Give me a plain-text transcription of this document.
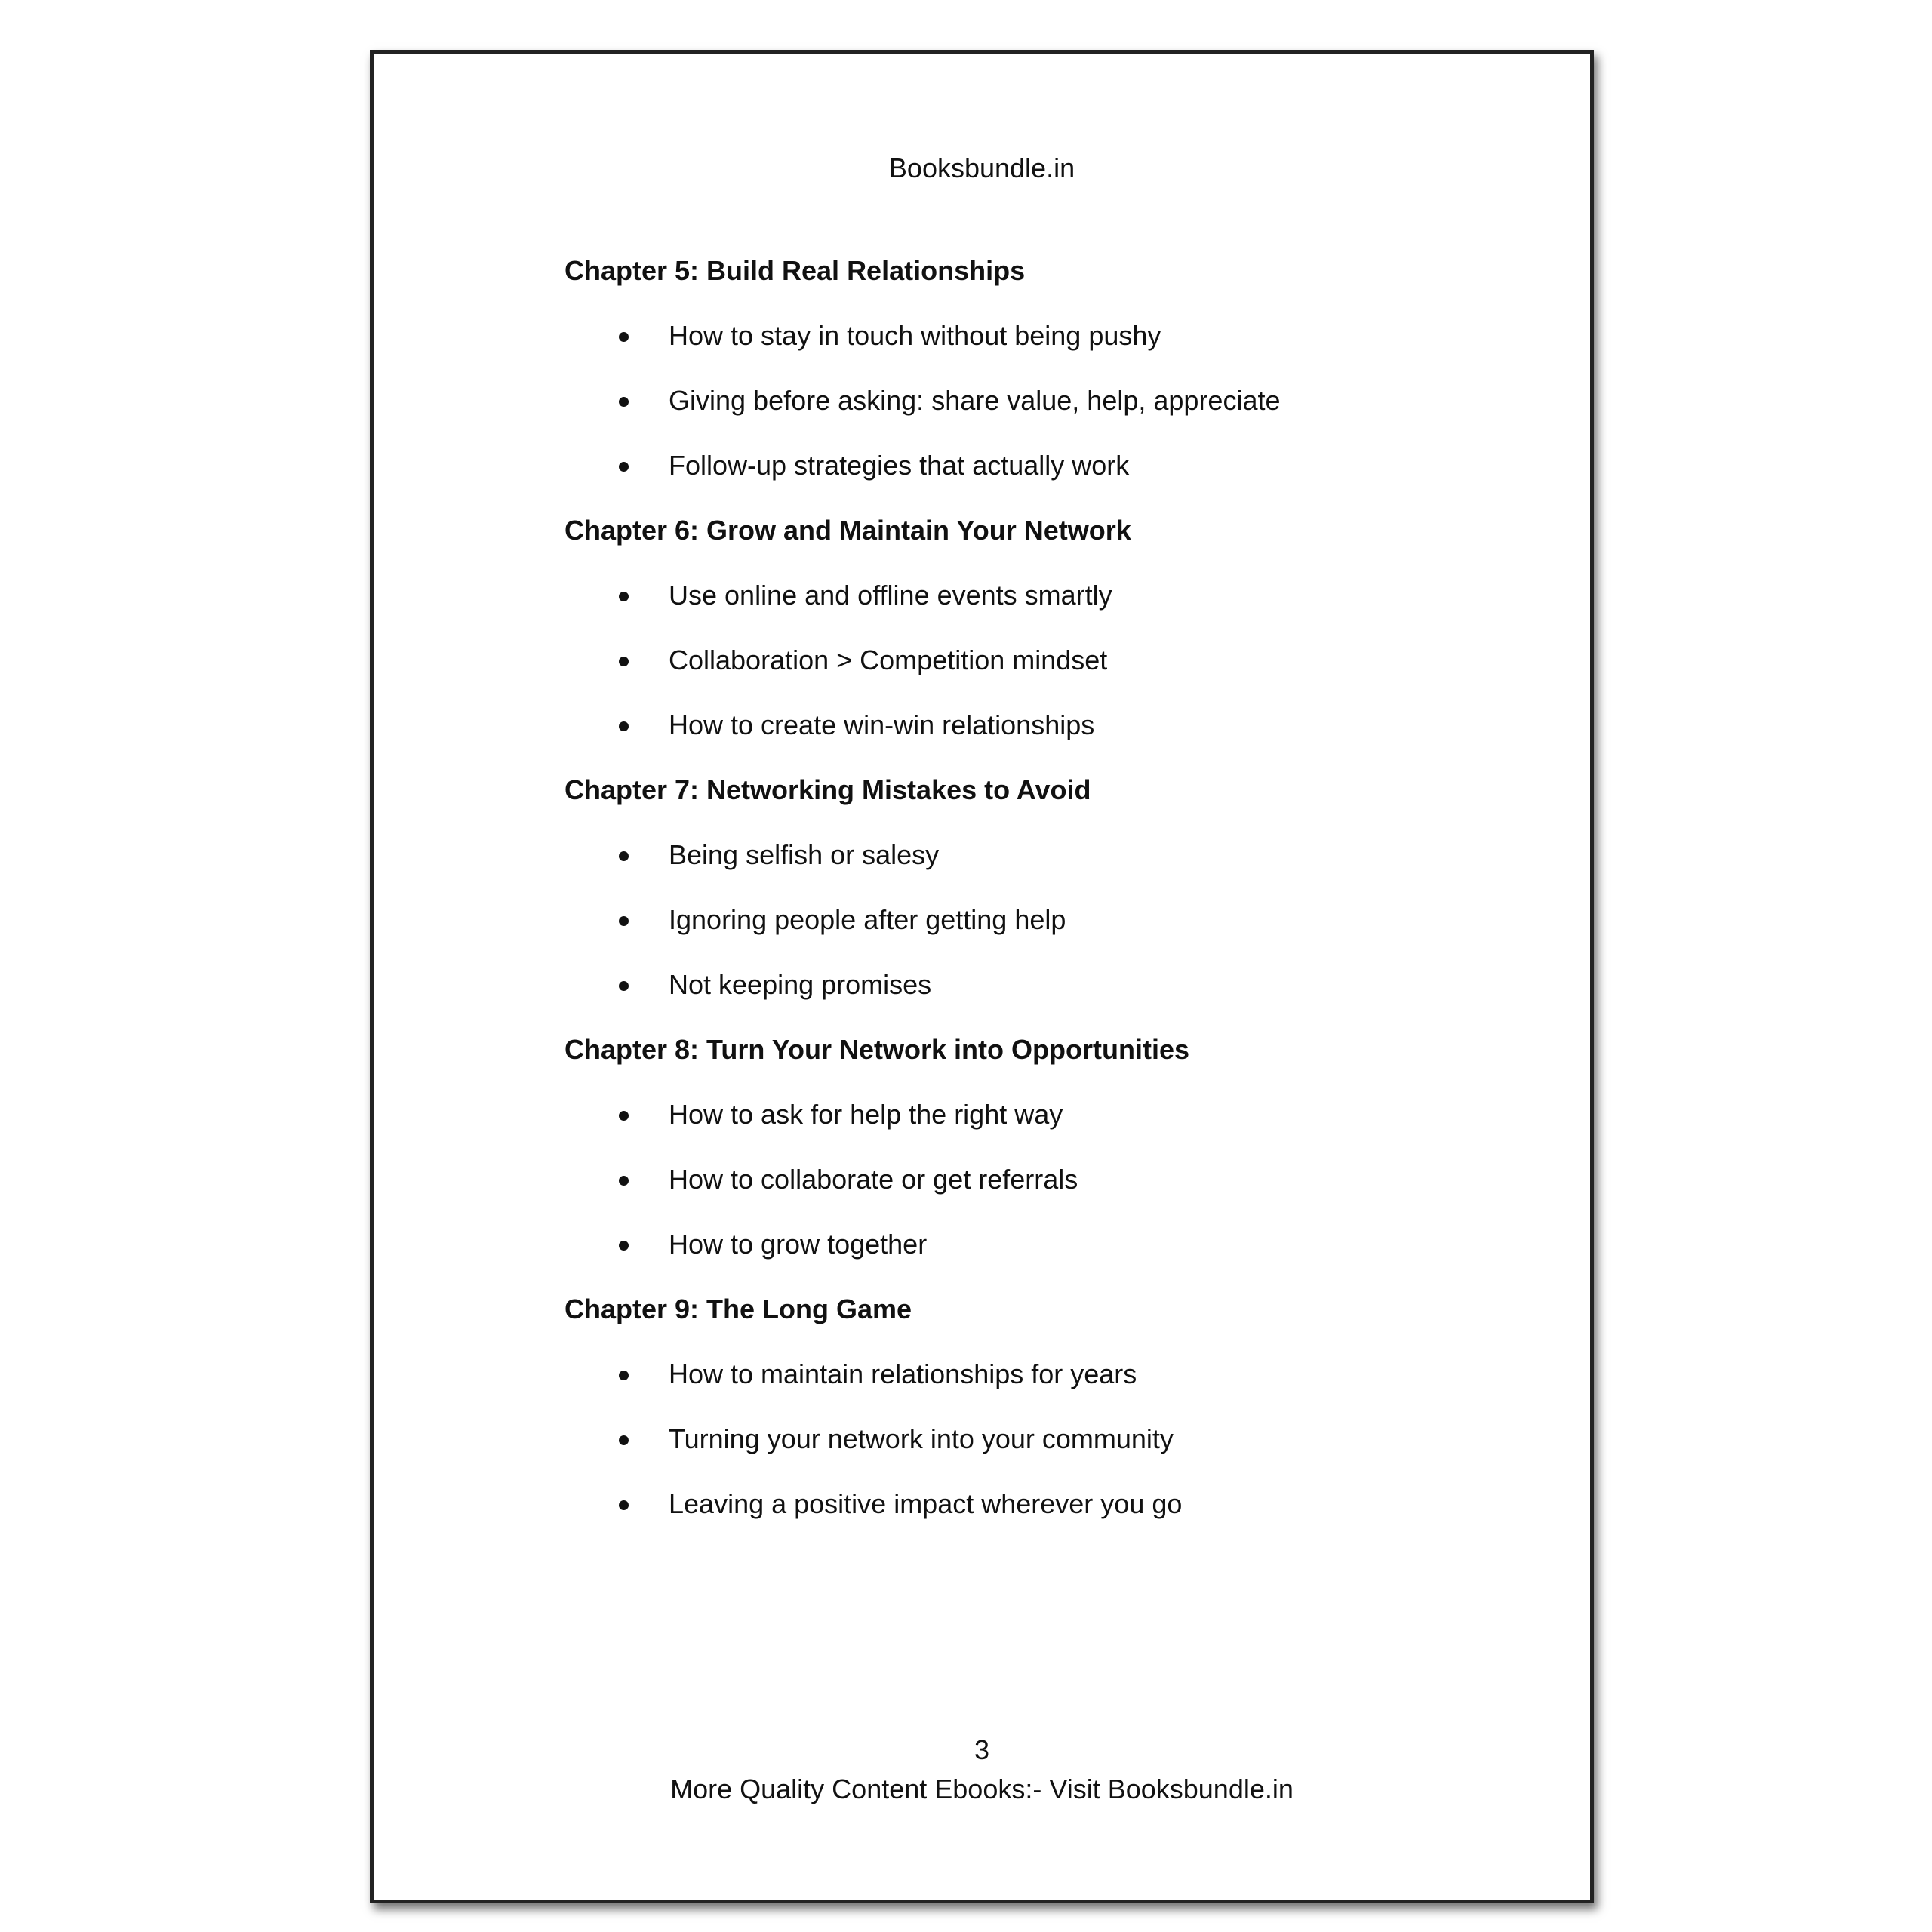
Booksbundle.in
Chapter 5: Build Real Relationships
How to stay in touch without being pushy
Giving before asking: share value, help, appreciate
Follow-up strategies that actually work
Chapter 6: Grow and Maintain Your Network
Use online and offline events smartly
Collaboration > Competition mindset
How to create win-win relationships
Chapter 7: Networking Mistakes to Avoid
Being selfish or salesy
Ignoring people after getting help
Not keeping promises
Chapter 8: Turn Your Network into Opportunities
How to ask for help the right way
How to collaborate or get referrals
How to grow together
Chapter 9: The Long Game
How to maintain relationships for years
Turning your network into your community
Leaving a positive impact wherever you go
3
More Quality Content Ebooks:- Visit Booksbundle.in
